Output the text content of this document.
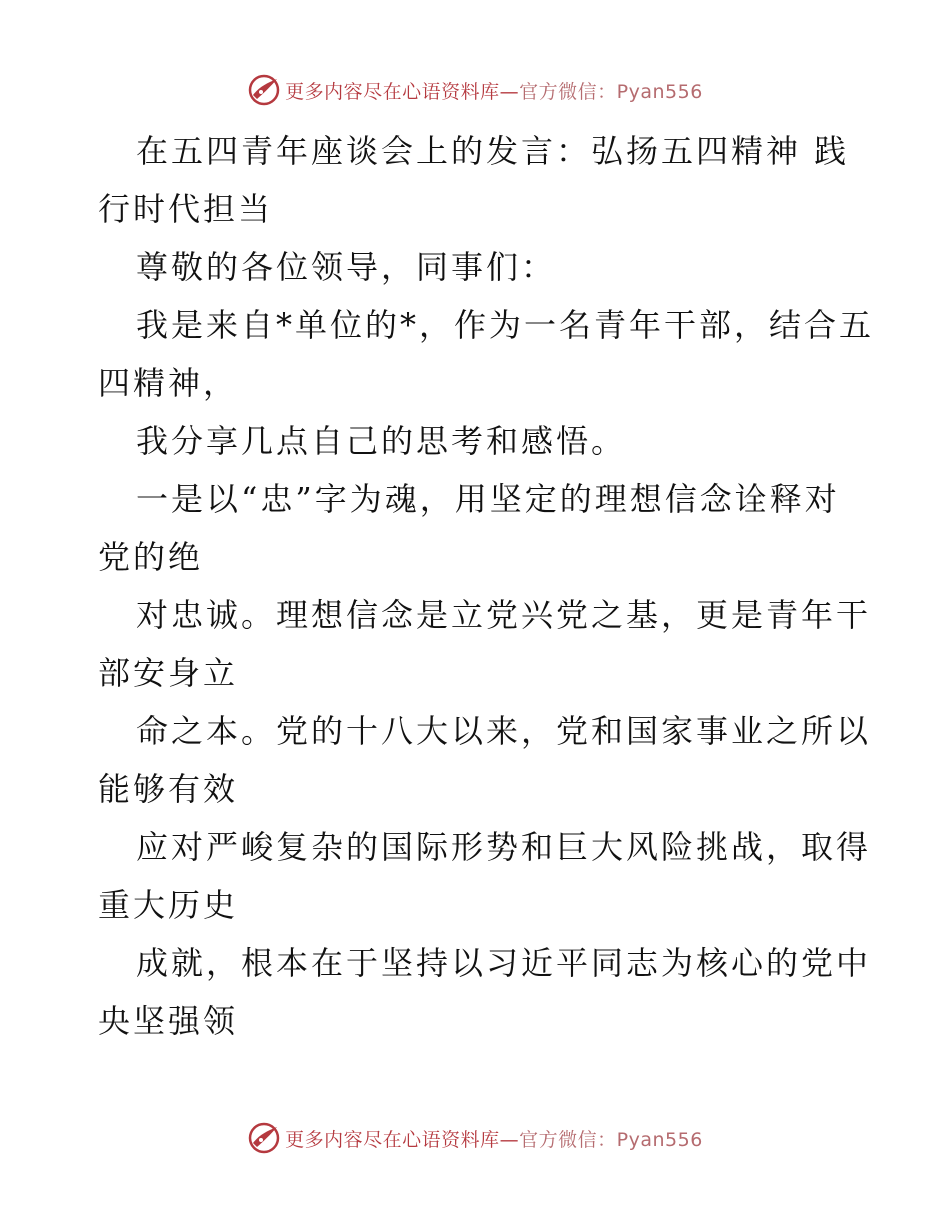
更多内容尽在心语资料库—官方微信：Pyan556

在五四青年座谈会上的发言：弘扬五四精神 践

行时代担当

尊敬的各位领导，同事们：

我是来自*单位的*，作为一名青年干部，结合五

四精神，

我分享几点自己的思考和感悟。

一是以“忠”字为魂，用坚定的理想信念诠释对

党的绝

对忠诚。理想信念是立党兴党之基，更是青年干

部安身立

命之本。党的十八大以来，党和国家事业之所以

能够有效

应对严峻复杂的国际形势和巨大风险挑战，取得

重大历史

成就，根本在于坚持以习近平同志为核心的党中

央坚强领

更多内容尽在心语资料库—官方微信：Pyan556
